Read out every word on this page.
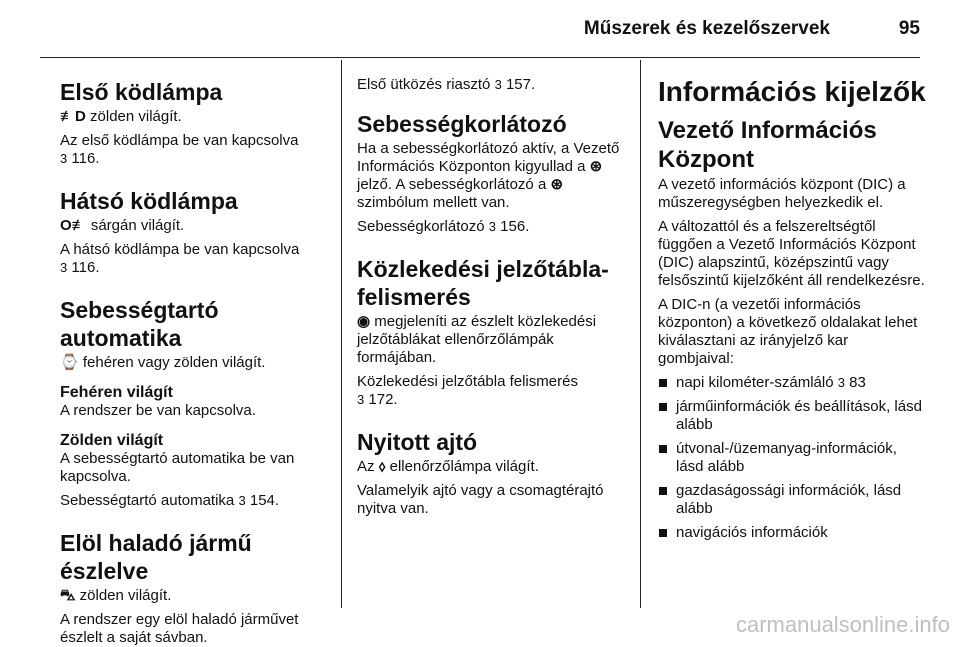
Műszerek és kezelőszervek	95
Első ködlámpa

≢D zölden világít.

Az első ködlámpa be van kapcsolva

3 116.

Hátsó ködlámpa

O≢ sárgán világít.

A hátsó ködlámpa be van kapcsolva

3 116.

Sebességtartó automatika

⌚ fehéren vagy zölden világít.

Fehéren világít

A rendszer be van kapcsolva.

Zölden világít

A sebességtartó automatika be van kapcsolva.

Sebességtartó automatika 3 154.

Elöl haladó jármű észlelve

⛍ zölden világít.

A rendszer egy elöl haladó járművet észlelt a saját sávban.

Első ütközés riasztó 3 157.

Sebességkorlátozó

Ha a sebességkorlátozó aktív, a Vezető Információs Központon kigyullad a ⊛ jelző. A sebességkorlátozó a ⊛ szimbólum mellett van.

Sebességkorlátozó 3 156.

Közlekedési jelzőtábla-felismerés

◉ megjeleníti az észlelt közlekedési jelzőtáblákat ellenőrzőlámpák formájában.

Közlekedési jelzőtábla felismerés

3 172.

Nyitott ajtó

Az ⬨ ellenőrzőlámpa világít.

Valamelyik ajtó vagy a csomagtérajtó nyitva van.

Információs kijelzők
Vezető Információs Központ

A vezető információs központ (DIC) a műszeregységben helyezkedik el.

A változattól és a felszereltségtől függően a Vezető Információs Központ (DIC) alapszintű, középszintű vagy felsőszintű kijelzőként áll rendelkezésre.

A DIC-n (a vezetői információs központon) a következő oldalakat lehet kiválasztani az irányjelző kar gombjaival:

napi kilométer-számláló 3 83
járműinformációk és beállítások, lásd alább
útvonal-/üzemanyag-információk, lásd alább
gazdaságossági információk, lásd alább
navigációs információk
carmanualsonline.info
